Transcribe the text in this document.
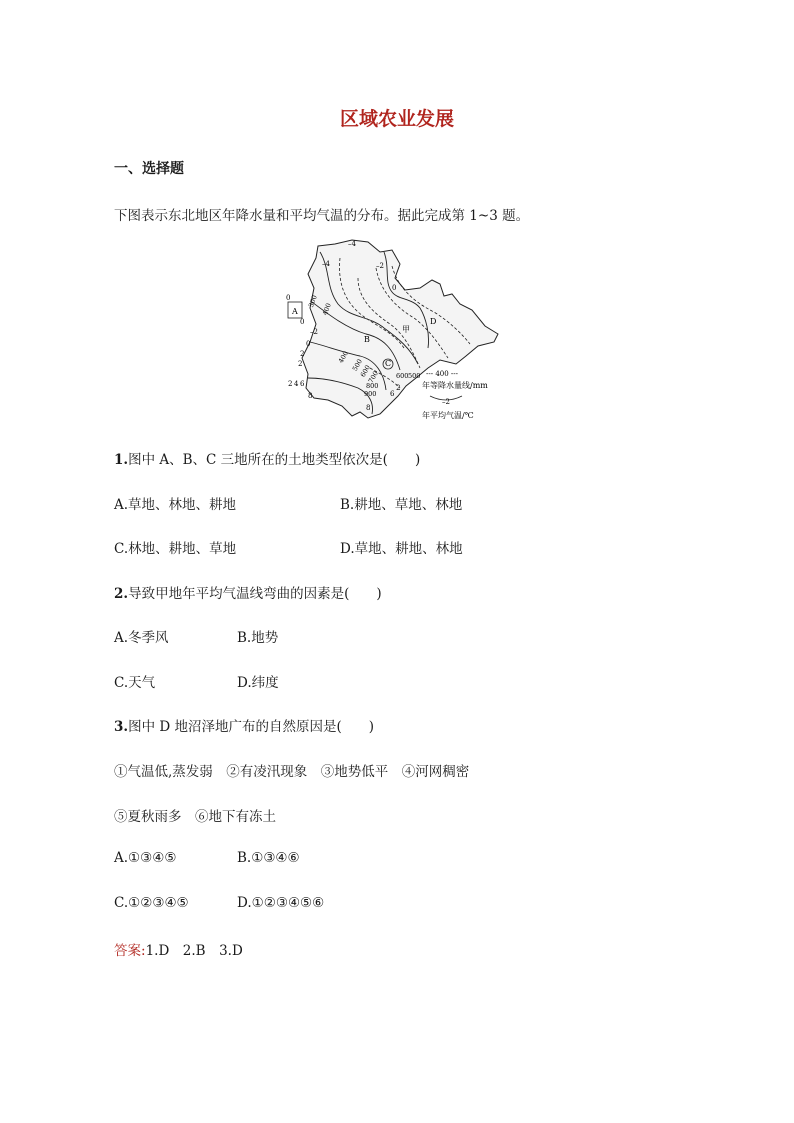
区域农业发展
一、选择题
下图表示东北地区年降水量和平均气温的分布。据此完成第 1~3 题。
A
B
C
D
甲
–4
–4	–2
–2
0
0
0
0
2
2
2
2 4 6
8
8
6
300
400
400
500
600
700
800
900
600 500 --- 400 ---
年等降水量线/mm
–2
年平均气温/℃
1.图中 A、B、C 三地所在的土地类型依次是(　　)
A.草地、林地、耕地	B.耕地、草地、林地
C.林地、耕地、草地	D.草地、耕地、林地
2.导致甲地年平均气温线弯曲的因素是(　　)
A.冬季风	B.地势
C.天气	D.纬度
3.图中 D 地沼泽地广布的自然原因是(　　)
①气温低,蒸发弱　②有凌汛现象　③地势低平　④河网稠密
⑤夏秋雨多　⑥地下有冻土
A.①③④⑤	B.①③④⑥
C.①②③④⑤	D.①②③④⑤⑥
答案:1.D　2.B　3.D
